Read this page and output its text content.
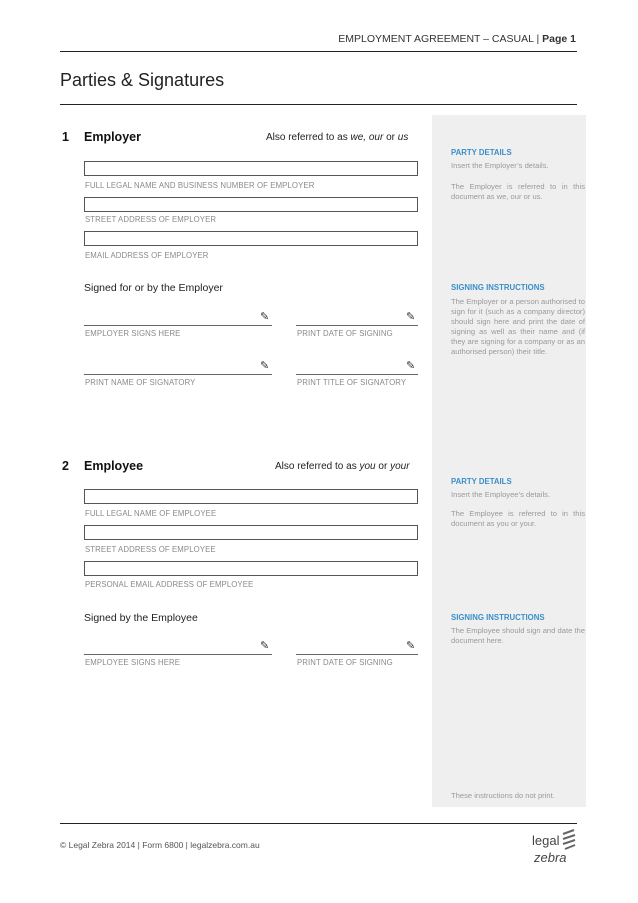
EMPLOYMENT AGREEMENT – CASUAL | Page 1
Parties & Signatures
1 Employer	Also referred to as we, our or us
FULL LEGAL NAME AND BUSINESS NUMBER OF EMPLOYER
STREET ADDRESS OF EMPLOYER
EMAIL ADDRESS OF EMPLOYER
Signed for or by the Employer
✎
EMPLOYER SIGNS HERE
✎
PRINT DATE OF SIGNING
✎
PRINT NAME OF SIGNATORY
✎
PRINT TITLE OF SIGNATORY
PARTY DETAILS
Insert the Employer’s details.
The Employer is referred to in this document as we, our or us.
SIGNING INSTRUCTIONS
The Employer or a person authorised to sign for it (such as a company director) should sign here and print the date of signing as well as their name and (if they are signing for a company or as an authorised person) their title.
2 Employee	Also referred to as you or your
FULL LEGAL NAME OF EMPLOYEE
STREET ADDRESS OF EMPLOYEE
PERSONAL EMAIL ADDRESS OF EMPLOYEE
Signed by the Employee
✎
EMPLOYEE SIGNS HERE
✎
PRINT DATE OF SIGNING
PARTY DETAILS
Insert the Employee’s details.
The Employee is referred to in this document as you or your.
SIGNING INSTRUCTIONS
The Employee should sign and date the document here.
These instructions do not print.
© Legal Zebra 2014 | Form 6800 | legalzebra.com.au	legal
zebra
